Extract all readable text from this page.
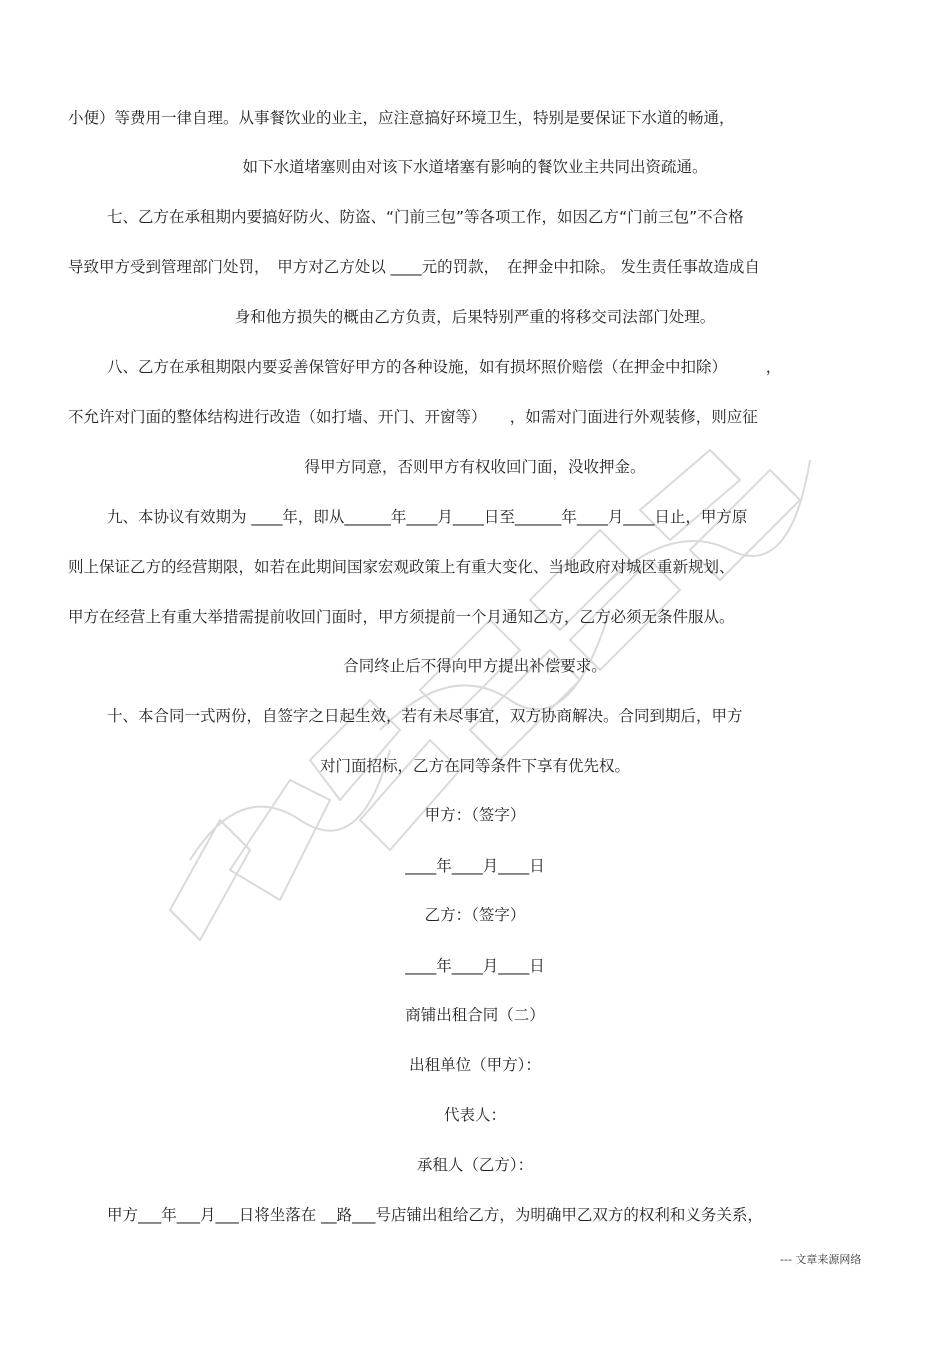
小便）等费用一律自理。从事餐饮业的业主，应注意搞好环境卫生，特别是要保证下水道的畅通，
如下水道堵塞则由对该下水道堵塞有影响的餐饮业主共同出资疏通。
七、乙方在承租期内要搞好防火、防盗、“门前三包”等各项工作，如因乙方“门前三包”不合格
导致甲方受到管理部门处罚，　甲方对乙方处以 ____元的罚款，　在押金中扣除。 发生责任事故造成自
身和他方损失的概由乙方负责，后果特别严重的将移交司法部门处理。
八、乙方在承租期限内要妥善保管好甲方的各种设施，如有损坏照价赔偿（在押金中扣除）　　　，
不允许对门面的整体结构进行改造（如打墙、开门、开窗等）　　，如需对门面进行外观装修，则应征
得甲方同意，否则甲方有权收回门面，没收押金。
九、本协议有效期为 ____年，即从______年____月____日至______年____月____日止，甲方原
则上保证乙方的经营期限，如若在此期间国家宏观政策上有重大变化、当地政府对城区重新规划、
甲方在经营上有重大举措需提前收回门面时，甲方须提前一个月通知乙方，乙方必须无条件服从。
合同终止后不得向甲方提出补偿要求。
十、本合同一式两份，自签字之日起生效，若有未尽事宜，双方协商解决。合同到期后，甲方
对门面招标，乙方在同等条件下享有优先权。
甲方：（签字）
____年____月____日
乙方：（签字）
____年____月____日
商铺出租合同（二）
出租单位（甲方）：
代表人：
承租人（乙方）：
甲方___年___月___日将坐落在 __路___号店铺出租给乙方，为明确甲乙双方的权利和义务关系，
--- 文章来源网络
